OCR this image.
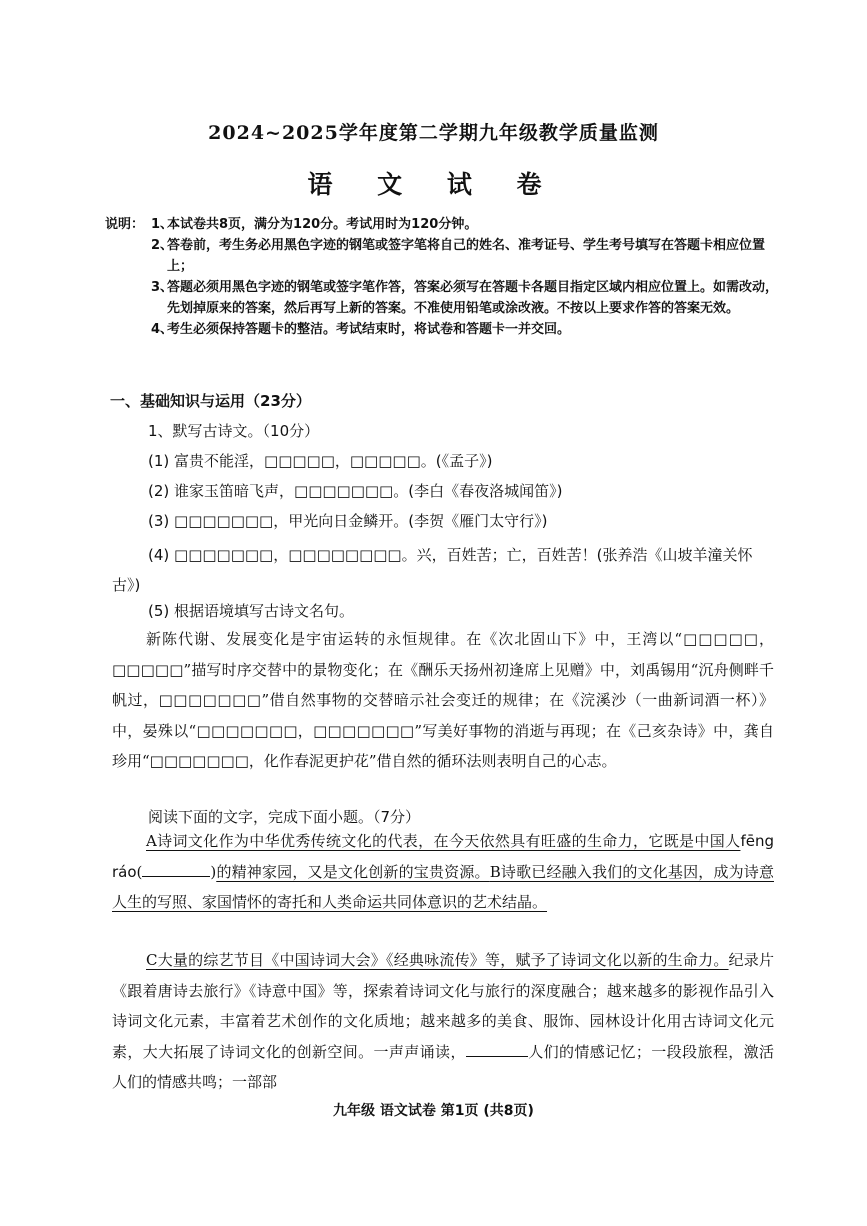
2024~2025学年度第二学期九年级教学质量监测
语 文 试 卷
说明： 1、
本试卷共8页，满分为120分。考试用时为120分钟。
2、
答卷前，考生务必用黑色字迹的钢笔或签字笔将自己的姓名、准考证号、学生考号填写在答题卡相应位置上；
3、
答题必须用黑色字迹的钢笔或签字笔作答，答案必须写在答题卡各题目指定区域内相应位置上。如需改动，先划掉原来的答案，然后再写上新的答案。不准使用铅笔或涂改液。不按以上要求作答的答案无效。
4、
考生必须保持答题卡的整洁。考试结束时，将试卷和答题卡一并交回。
一、基础知识与运用（23分）
1、默写古诗文。（10分）
(1) 富贵不能淫，□□□□□，□□□□□。(《孟子》)
(2) 谁家玉笛暗飞声，□□□□□□□。(李白《春夜洛城闻笛》)
(3) □□□□□□□，甲光向日金鳞开。(李贺《雁门太守行》)
(4) □□□□□□□，□□□□□□□□。兴，百姓苦；亡，百姓苦！(张养浩《山坡羊潼关怀古》)
(5) 根据语境填写古诗文名句。
新陈代谢、发展变化是宇宙运转的永恒规律。在《次北固山下》中，王湾以“□□□□□，□□□□□”描写时序交替中的景物变化；在《酬乐天扬州初逢席上见赠》中，刘禹锡用“沉舟侧畔千帆过，□□□□□□□”借自然事物的交替暗示社会变迁的规律；在《浣溪沙（一曲新词酒一杯）》中，晏殊以“□□□□□□□，□□□□□□□”写美好事物的消逝与再现；在《己亥杂诗》中，龚自珍用“□□□□□□□，化作春泥更护花”借自然的循环法则表明自己的心志。
阅读下面的文字，完成下面小题。（7分）
A诗词文化作为中华优秀传统文化的代表，在今天依然具有旺盛的生命力，它既是中国人fēng ráo(	)的精神家园，又是文化创新的宝贵资源。B诗歌已经融入我们的文化基因，成为诗意人生的写照、家国情怀的寄托和人类命运共同体意识的艺术结晶。
C大量的综艺节目《中国诗词大会》《经典咏流传》等，赋予了诗词文化以新的生命力。纪录片《跟着唐诗去旅行》《诗意中国》等，探索着诗词文化与旅行的深度融合；越来越多的影视作品引入诗词文化元素，丰富着艺术创作的文化质地；越来越多的美食、服饰、园林设计化用古诗词文化元素，大大拓展了诗词文化的创新空间。一声声诵读，	人们的情感记忆；一段段旅程，激活人们的情感共鸣；一部部
九年级 语文试卷 第1页 (共8页)
